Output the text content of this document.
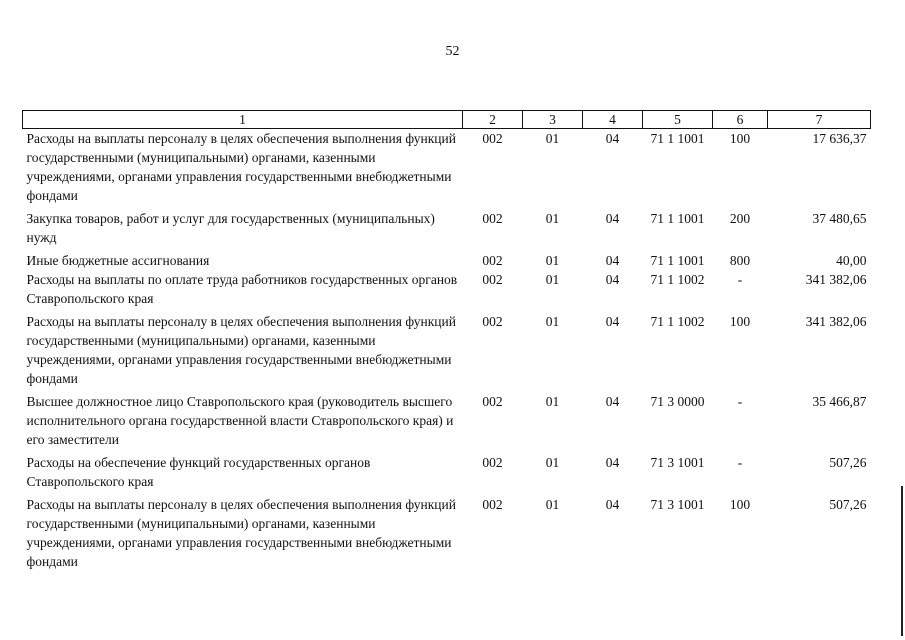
52
1	2	3	4	5	6	7
Расходы на выплаты персоналу в целях обеспечения выполнения функций государственными (муниципальными) органами, казенными учреждениями, органами управления государственными внебюджетными фондами	002	01	04	71 1 1001	100	17 636,37
Закупка товаров, работ и услуг для государственных (муниципальных) нужд	002	01	04	71 1 1001	200	37 480,65
Иные бюджетные ассигнования	002	01	04	71 1 1001	800	40,00
Расходы на выплаты по оплате труда работников государственных органов Ставропольского края	002	01	04	71 1 1002	-	341 382,06
Расходы на выплаты персоналу в целях обеспечения выполнения функций государственными (муниципальными) органами, казенными учреждениями, органами управления государственными внебюджетными фондами	002	01	04	71 1 1002	100	341 382,06
Высшее должностное лицо Ставропольского края (руководитель высшего исполнительного органа государственной власти Ставропольского края) и его заместители	002	01	04	71 3 0000	-	35 466,87
Расходы на обеспечение функций государственных органов Ставропольского края	002	01	04	71 3 1001	-	507,26
Расходы на выплаты персоналу в целях обеспечения выполнения функций государственными (муниципальными) органами, казенными учреждениями, органами управления государственными внебюджетными фондами	002	01	04	71 3 1001	100	507,26
